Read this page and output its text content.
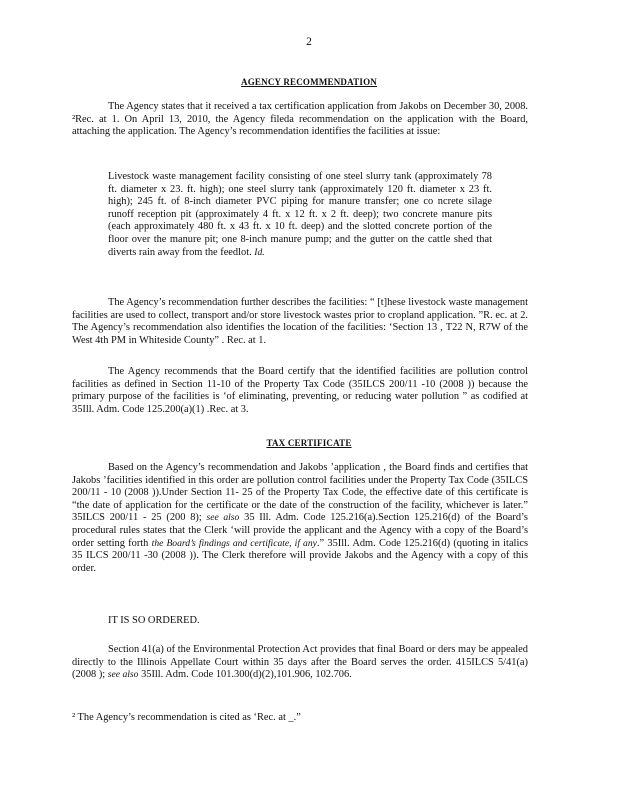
2
AGENCY RECOMMENDATION

The Agency states that it received a tax certification application from Jakobs on December 30, 2008. ²Rec. at 1. On April 13, 2010, the Agency fileda recommendation on the application with the Board, attaching the application. The Agency’s recommendation identifies the facilities at issue:

Livestock waste management facility consisting of one steel slurry tank (approximately 78 ft. diameter x 23. ft. high); one steel slurry tank (approximately 120 ft. diameter x 23 ft. high); 245 ft. of 8-inch diameter PVC piping for manure transfer; one co ncrete silage runoff reception pit (approximately 4 ft. x 12 ft. x 2 ft. deep); two concrete manure pits (each approximately 480 ft. x 43 ft. x 10 ft. deep) and the slotted concrete portion of the floor over the manure pit; one 8-inch manure pump; and the gutter on the cattle shed that diverts rain away from the feedlot. Id.

The Agency’s recommendation further describes the facilities: “ [t]hese livestock waste management facilities are used to collect, transport and/or store livestock wastes prior to cropland application. ”R. ec. at 2. The Agency’s recommendation also identifies the location of the facilities: ‘Section 13 , T22 N, R7W of the West 4th PM in Whiteside County” . Rec. at 1.

The Agency recommends that the Board certify that the identified facilities are pollution control facilities as defined in Section 11-10 of the Property Tax Code (35ILCS 200/11 -10 (2008 )) because the primary purpose of the facilities is ‘of eliminating, preventing, or reducing water pollution ” as codified at 35Ill. Adm. Code 125.200(a)(1) .Rec. at 3.

TAX CERTIFICATE

Based on the Agency’s recommendation and Jakobs ’application , the Board finds and certifies that Jakobs ’facilities identified in this order are pollution control facilities under the Property Tax Code (35ILCS 200/11 - 10 (2008 )).Under Section 11- 25 of the Property Tax Code, the effective date of this certificate is “the date of application for the certificate or the date of the construction of the facility, whichever is later.” 35ILCS 200/11 - 25 (200 8); see also 35 Ill. Adm. Code 125.216(a).Section 125.216(d) of the Board’s procedural rules states that the Clerk ‘will provide the applicant and the Agency with a copy of the Board’s order setting forth the Board’s findings and certificate, if any.” 35Ill. Adm. Code 125.216(d) (quoting in italics 35 ILCS 200/11 -30 (2008 )). The Clerk therefore will provide Jakobs and the Agency with a copy of this order.

IT IS SO ORDERED.

Section 41(a) of the Environmental Protection Act provides that final Board or ders may be appealed directly to the Illinois Appellate Court within 35 days after the Board serves the order. 415ILCS 5/41(a) (2008 ); see also 35Ill. Adm. Code 101.300(d)(2),101.906, 102.706.

² The Agency’s recommendation is cited as ‘Rec. at _.”
